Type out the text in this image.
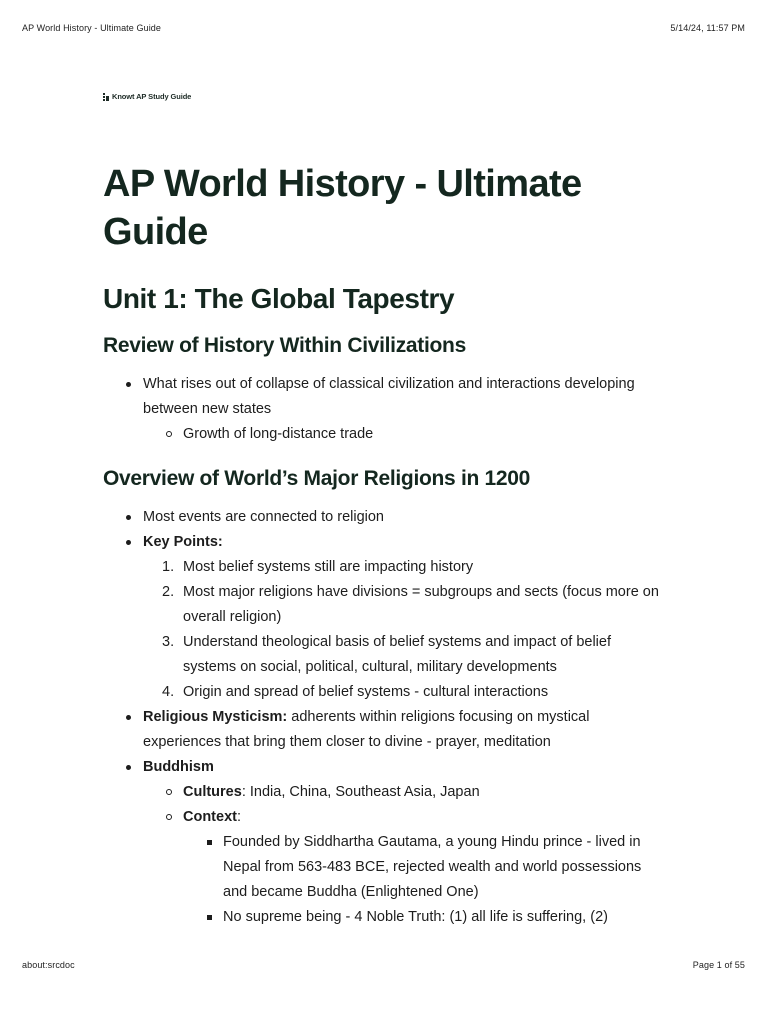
AP World History - Ultimate Guide	5/14/24, 11:57 PM
Knowt AP Study Guide
AP World History - Ultimate Guide
Unit 1: The Global Tapestry
Review of History Within Civilizations
What rises out of collapse of classical civilization and interactions developing between new states
Growth of long-distance trade
Overview of World’s Major Religions in 1200
Most events are connected to religion
Key Points:
1. Most belief systems still are impacting history
2. Most major religions have divisions = subgroups and sects (focus more on overall religion)
3. Understand theological basis of belief systems and impact of belief systems on social, political, cultural, military developments
4. Origin and spread of belief systems - cultural interactions
Religious Mysticism: adherents within religions focusing on mystical experiences that bring them closer to divine - prayer, meditation
Buddhism
Cultures: India, China, Southeast Asia, Japan
Context:
Founded by Siddhartha Gautama, a young Hindu prince - lived in Nepal from 563-483 BCE, rejected wealth and world possessions and became Buddha (Enlightened One)
No supreme being - 4 Noble Truth: (1) all life is suffering, (2)
about:srcdoc	Page 1 of 55
